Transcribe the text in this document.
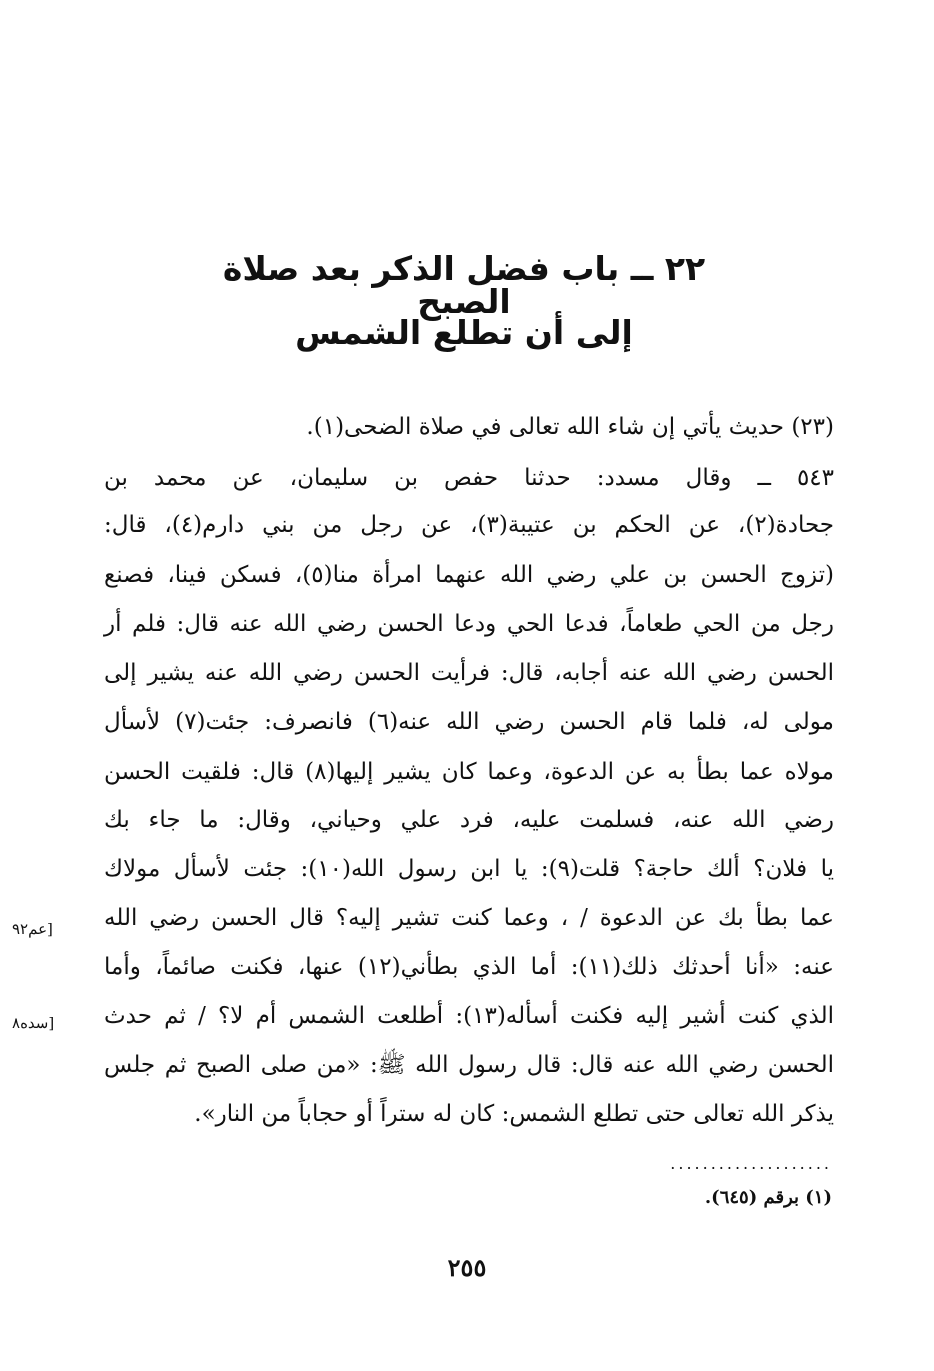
٢٢ ــ باب فضل الذكر بعد صلاة الصبح
إلى أن تطلع الشمس
(٢٣) حديث يأتي إن شاء الله تعالى في صلاة الضحى(١).
٥٤٣ ــ وقال مسدد: حدثنا حفص بن سليمان، عن محمد بن
جحادة(٢)، عن الحكم بن عتيبة(٣)، عن رجل من بني دارم(٤)، قال:
(تزوج الحسن بن علي رضي الله عنهما امرأة منا(٥)، فسكن فينا، فصنع
رجل من الحي طعاماً، فدعا الحي ودعا الحسن رضي الله عنه قال: فلم أر
الحسن رضي الله عنه أجابه، قال: فرأيت الحسن رضي الله عنه يشير إلى
مولى له، فلما قام الحسن رضي الله عنه(٦) فانصرف: جئت(٧) لأسأل
مولاه عما بطأ به عن الدعوة، وعما كان يشير إليها(٨) قال: فلقيت الحسن
رضي الله عنه، فسلمت عليه، فرد علي وحياني، وقال: ما جاء بك
يا فلان؟ ألك حاجة؟ قلت(٩): يا ابن رسول الله(١٠): جئت لأسأل مولاك
عما بطأ بك عن الدعوة / ، وعما كنت تشير إليه؟ قال الحسن رضي الله
عنه: «أنا أحدثك ذلك(١١): أما الذي بطأني(١٢) عنها، فكنت صائماً، وأما
الذي كنت أشير إليه فكنت أسأله(١٣): أطلعت الشمس أم لا؟ / ثم حدث
الحسن رضي الله عنه قال: قال رسول الله ﷺ: «من صلى الصبح ثم جلس
يذكر الله تعالى حتى تطلع الشمس: كان له ستراً أو حجاباً من النار».
[عم٩٢
[سده٨
....................
(١) برقم (٦٤٥).
٢٥٥
